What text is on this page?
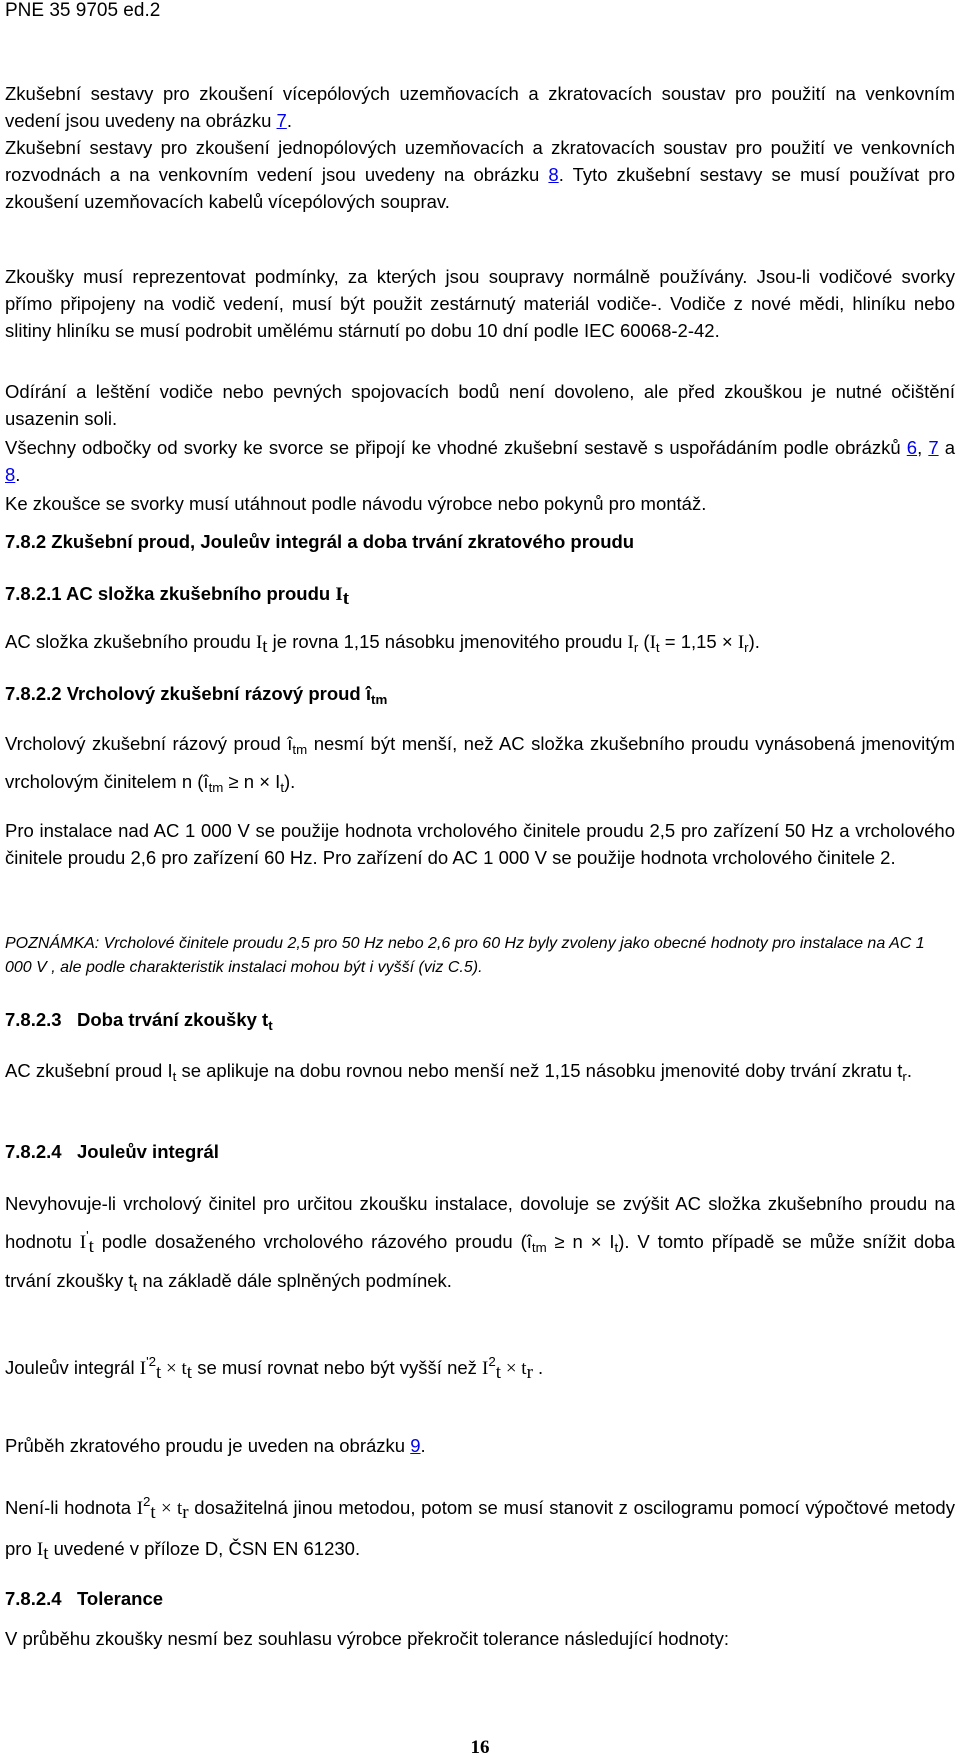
PNE 35 9705 ed.2

Zkušební sestavy pro zkoušení vícepólových uzemňovacích a zkratovacích soustav pro použití na venkovním vedení jsou uvedeny na obrázku 7.

Zkušební sestavy pro zkoušení jednopólových uzemňovacích a zkratovacích soustav pro použití ve venkovních rozvodnách a na venkovním vedení jsou uvedeny na obrázku 8. Tyto zkušební sestavy se musí používat pro zkoušení uzemňovacích kabelů vícepólových souprav.

Zkoušky musí reprezentovat podmínky, za kterých jsou soupravy normálně používány. Jsou-li vodičové svorky přímo připojeny na vodič vedení, musí být použit zestárnutý materiál vodiče-. Vodiče z nové mědi, hliníku nebo slitiny hliníku se musí podrobit umělému stárnutí po dobu 10 dní podle IEC 60068-2-42.

Odírání a leštění vodiče nebo pevných spojovacích bodů není dovoleno, ale před zkouškou je nutné očištění usazenin soli.

Všechny odbočky od svorky ke svorce se připojí ke vhodné zkušební sestavě s uspořádáním podle obrázků 6, 7 a 8.

Ke zkoušce se svorky musí utáhnout podle návodu výrobce nebo pokynů pro montáž.

7.8.2 Zkušební proud, Jouleův integrál a doba trvání zkratového proudu
7.8.2.1 AC složka zkušebního proudu $I_t$

AC složka zkušebního proudu $I_t$ je rovna 1,15 násobku jmenovitého proudu $I_r$ $(I_t = 1,15 \times I_r)$.

7.8.2.2 Vrcholový zkušební rázový proud $î_{tm}$

Vrcholový zkušební rázový proud $î_{tm}$ nesmí být menší, než AC složka zkušebního proudu vynásobená jmenovitým vrcholovým činitelem n $(î_{tm} \ge n \times I_t)$.

Pro instalace nad AC 1 000 V se použije hodnota vrcholového činitele proudu 2,5 pro zařízení 50 Hz a vrcholového činitele proudu 2,6 pro zařízení 60 Hz. Pro zařízení do AC 1 000 V se použije hodnota vrcholového činitele 2.

POZNÁMKA: Vrcholové činitele proudu 2,5 pro 50 Hz nebo 2,6 pro 60 Hz byly zvoleny jako obecné hodnoty pro instalace na AC 1 000 V , ale podle charakteristik instalaci mohou být i vyšší (viz C.5).
7.8.2.3 Doba trvání zkoušky $t_t$

AC zkušební proud $I_t$ se aplikuje na dobu rovnou nebo menší než 1,15 násobku jmenovité doby trvání zkratu $t_r$.

7.8.2.4 Jouleův integrál

Nevyhovuje-li vrcholový činitel pro určitou zkoušku instalace, dovoluje se zvýšit AC složka zkušebního proudu na hodnotu $I'_t$ podle dosaženého vrcholového rázového proudu $(î_{tm} \ge n \times I_t)$. V tomto případě se může snížit doba trvání zkoušky $t_t$ na základě dále splněných podmínek.

Jouleův integrál $I^{'2}_t \times t_t$ se musí rovnat nebo být vyšší než $I^2_t \times t_r$ .

Průběh zkratového proudu je uveden na obrázku 9.

Není-li hodnota $I^2_t \times t_r$ dosažitelná jinou metodou, potom se musí stanovit z oscilogramu pomocí výpočtové metody pro $I_t$ uvedené v příloze D, ČSN EN 61230.

7.8.2.4 Tolerance

V průběhu zkoušky nesmí bez souhlasu výrobce překročit tolerance následující hodnoty:

16
